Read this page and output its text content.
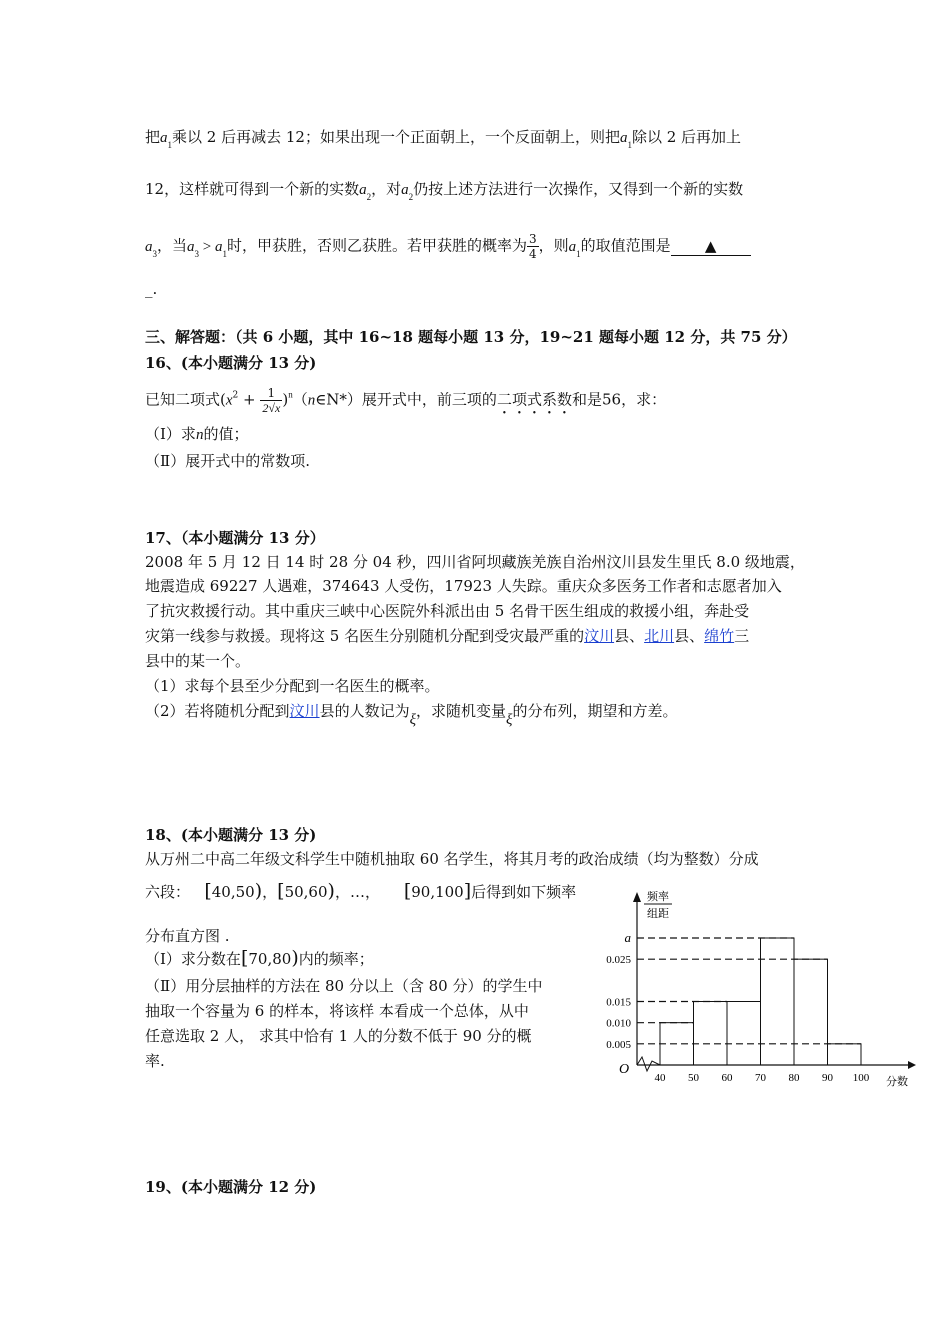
把$a_1$乘以 2 后再减去 12；如果出现一个正面朝上，一个反面朝上，则把$a_1$除以 2 后再加上
12，这样就可得到一个新的实数$a_2$，对$a_2$仍按上述方法进行一次操作，又得到一个新的实数
$a_3$，当$a_3 > a_1$时，甲获胜，否则乙获胜。若甲获胜的概率为 $\frac{3}{4}$ ，则$a_1$的取值范围是 ▲
_.
三、解答题：（共 6 小题，其中 16~18 题每小题 13 分，19~21 题每小题 12 分，共 75 分）
16、(本小题满分 13 分)
已知二项式($x^2 + \frac{1}{2√x}$ )$^n(n\in N*)$展开式中，前三项的二项式系数和是56，求：
（Ⅰ）求n的值；
（Ⅱ）展开式中的常数项.
17、（本小题满分 13 分）
2008 年 5 月 12 日 14 时 28 分 04 秒，四川省阿坝藏族羌族自治州汶川县发生里氏 8.0 级地震，
地震造成 69227 人遇难，374643 人受伤，17923 人失踪。重庆众多医务工作者和志愿者加入
了抗灾救援行动。其中重庆三峡中心医院外科派出由 5 名骨干医生组成的救援小组，奔赴受
灾第一线参与救援。现将这 5 名医生分别随机分配到受灾最严重的汶川县、北川县、绵竹三
县中的某一个。
（1）求每个县至少分配到一名医生的概率。
（2）若将随机分配到汶川县的人数记为ξ，求随机变量ξ的分布列，期望和方差。
18、(本小题满分 13 分)
从万州二中高二年级文科学生中随机抽取 60 名学生，将其月考的政治成绩（均为整数）分成
六段： [40,50)，[50,60)，…， [90,100]后得到如下频率
分布直方图 .
（Ⅰ）求分数在[70,80)内的频率；
（Ⅱ）用分层抽样的方法在 80 分以上（含 80 分）的学生中
抽取一个容量为 6 的样本，将该样 本看成一个总体，从中
任意选取 2 人， 求其中恰有 1 人的分数不低于 90 分的概
率.
0.005
0.010
0.015
0.025
a
40 50 60 70 80 90 100
O
分数
频率
组距
19、(本小题满分 12 分)
